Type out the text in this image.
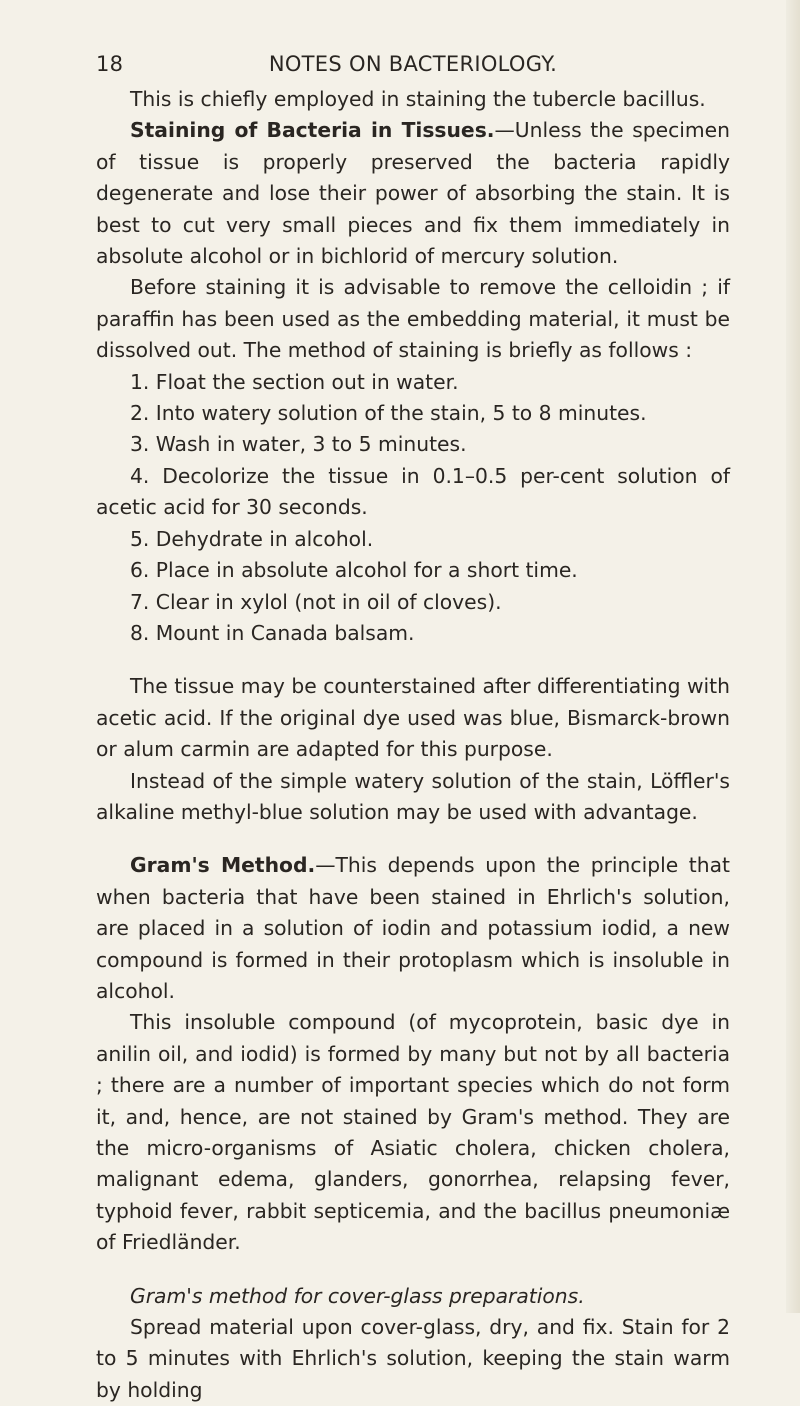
NOTES ON BACTERIOLOGY.
18

This is chiefly employed in staining the tubercle bacillus.

Staining of Bacteria in Tissues.—Unless the specimen of tissue is properly preserved the bacteria rapidly degenerate and lose their power of absorbing the stain. It is best to cut very small pieces and fix them immediately in absolute alcohol or in bichlorid of mercury solution.

Before staining it is advisable to remove the celloidin ; if paraffin has been used as the embedding material, it must be dissolved out. The method of staining is briefly as follows :

1. Float the section out in water.

2. Into watery solution of the stain, 5 to 8 minutes.

3. Wash in water, 3 to 5 minutes.

4. Decolorize the tissue in 0.1–0.5 per-cent solution of acetic acid for 30 seconds.

5. Dehydrate in alcohol.

6. Place in absolute alcohol for a short time.

7. Clear in xylol (not in oil of cloves).

8. Mount in Canada balsam.

The tissue may be counterstained after differentiating with acetic acid. If the original dye used was blue, Bismarck-brown or alum carmin are adapted for this purpose.

Instead of the simple watery solution of the stain, Löffler's alkaline methyl-blue solution may be used with advantage.

Gram's Method.—This depends upon the principle that when bacteria that have been stained in Ehrlich's solution, are placed in a solution of iodin and potassium iodid, a new compound is formed in their protoplasm which is insoluble in alcohol.

This insoluble compound (of mycoprotein, basic dye in anilin oil, and iodid) is formed by many but not by all bacteria ; there are a number of important species which do not form it, and, hence, are not stained by Gram's method. They are the micro-organisms of Asiatic cholera, chicken cholera, malignant edema, glanders, gonorrhea, relapsing fever, typhoid fever, rabbit septicemia, and the bacillus pneumoniæ of Friedländer.

Gram's method for cover-glass preparations.

Spread material upon cover-glass, dry, and fix. Stain for 2 to 5 minutes with Ehrlich's solution, keeping the stain warm by holding
